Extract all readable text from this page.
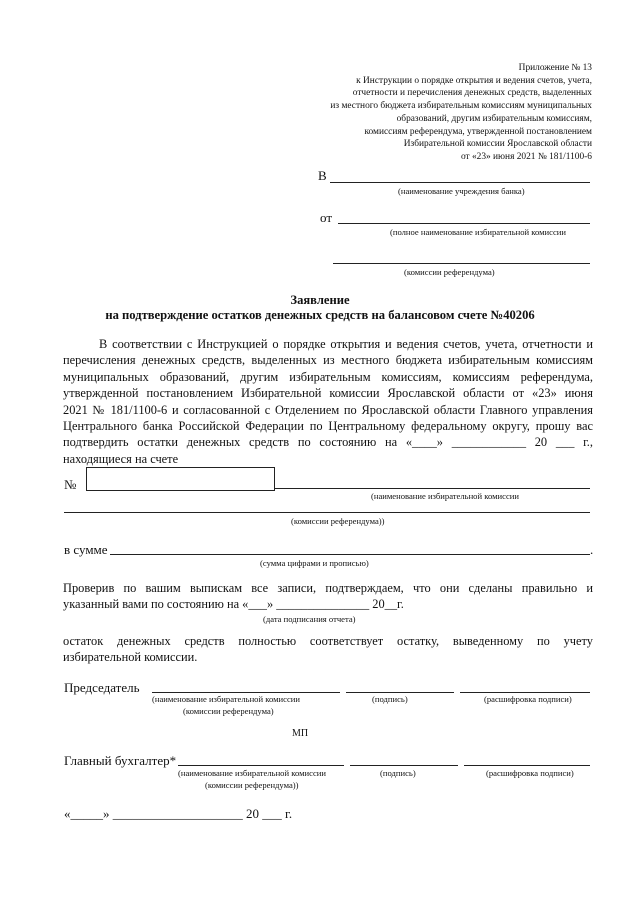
Приложение № 13
к Инструкции о порядке открытия и ведения счетов, учета,
отчетности и перечисления денежных средств, выделенных
из местного бюджета избирательным комиссиям муниципальных
образований, другим избирательным комиссиям,
комиссиям референдума, утвержденной постановлением
Избирательной комиссии Ярославской области
от «23» июня 2021 № 181/1100-6
В
(наименование учреждения банка)
от
(полное наименование избирательной комиссии
(комиссии референдума)
Заявление
на подтверждение остатков денежных средств на балансовом счете №40206
В соответствии с Инструкцией о порядке открытия и ведения счетов, учета, отчетности и
перечисления денежных средств, выделенных из местного бюджета избирательным комиссиям
муниципальных образований, другим избирательным комиссиям, комиссиям референдума,
утвержденной постановлением Избирательной комиссии Ярославской области от «23» июня
2021 № 181/1100-6 и согласованной с Отделением по Ярославской области Главного управления
Центрального банка Российской Федерации по Центральному федеральному округу, прошу вас
подтвердить остатки денежных средств по состоянию на «____» ____________ 20 ___ г.,
находящиеся на счете
№
(наименование избирательной комиссии
(комиссии референдума))
в сумме	.
(сумма цифрами и прописью)
Проверив по вашим выпискам все записи, подтверждаем, что они сделаны правильно и
указанный вами по состоянию на «___» _______________ 20__г.
(дата подписания отчета)
остаток денежных средств полностью соответствует остатку, выведенному по учету
избирательной комиссии.
Председатель
(наименование избирательной комиссии
(комиссии референдума)
(подпись)	(расшифровка подписи)
МП
Главный бухгалтер*
(наименование избирательной комиссии
(комиссии референдума))
(подпись)	(расшифровка подписи)
«_____» ____________________ 20 ___ г.
